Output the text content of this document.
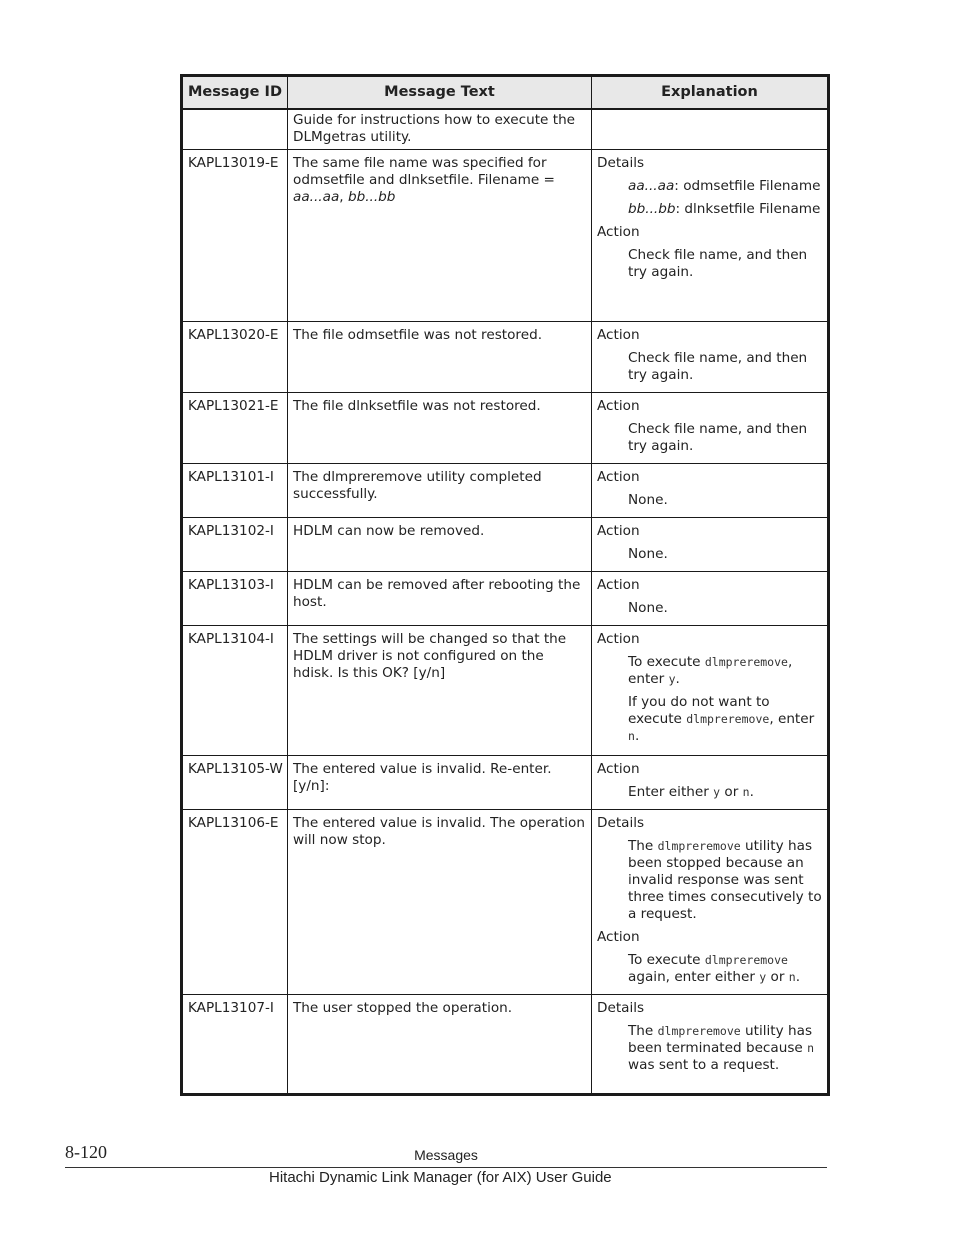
Message ID	Message Text	Explanation
	Guide for instructions how to execute the DLMgetras utility.	
KAPL13019-E	The same file name was specified for odmsetfile and dlnksetfile. Filename = aa...aa, bb...bb	Details

aa...aa: odmsetfile Filename

bb...bb: dlnksetfile Filename

Action

Check file name, and then try again.

KAPL13020-E	The file odmsetfile was not restored.	Action

Check file name, and then try again.

KAPL13021-E	The file dlnksetfile was not restored.	Action

Check file name, and then try again.

KAPL13101-I	The dlmpreremove utility completed successfully.	Action

None.

KAPL13102-I	HDLM can now be removed.	Action

None.

KAPL13103-I	HDLM can be removed after rebooting the host.	Action

None.

KAPL13104-I	The settings will be changed so that the HDLM driver is not configured on the hdisk. Is this OK? [y/n]	Action

To execute dlmpreremove, enter y.

If you do not want to execute dlmpreremove, enter n.

KAPL13105-W	The entered value is invalid. Re-enter. [y/n]:	Action

Enter either y or n.

KAPL13106-E	The entered value is invalid. The operation will now stop.	Details

The dlmpreremove utility has been stopped because an invalid response was sent three times consecutively to a request.

Action

To execute dlmpreremove again, enter either y or n.

KAPL13107-I	The user stopped the operation.	Details

The dlmpreremove utility has been terminated because n was sent to a request.

8-120	Messages
Hitachi Dynamic Link Manager (for AIX) User Guide
